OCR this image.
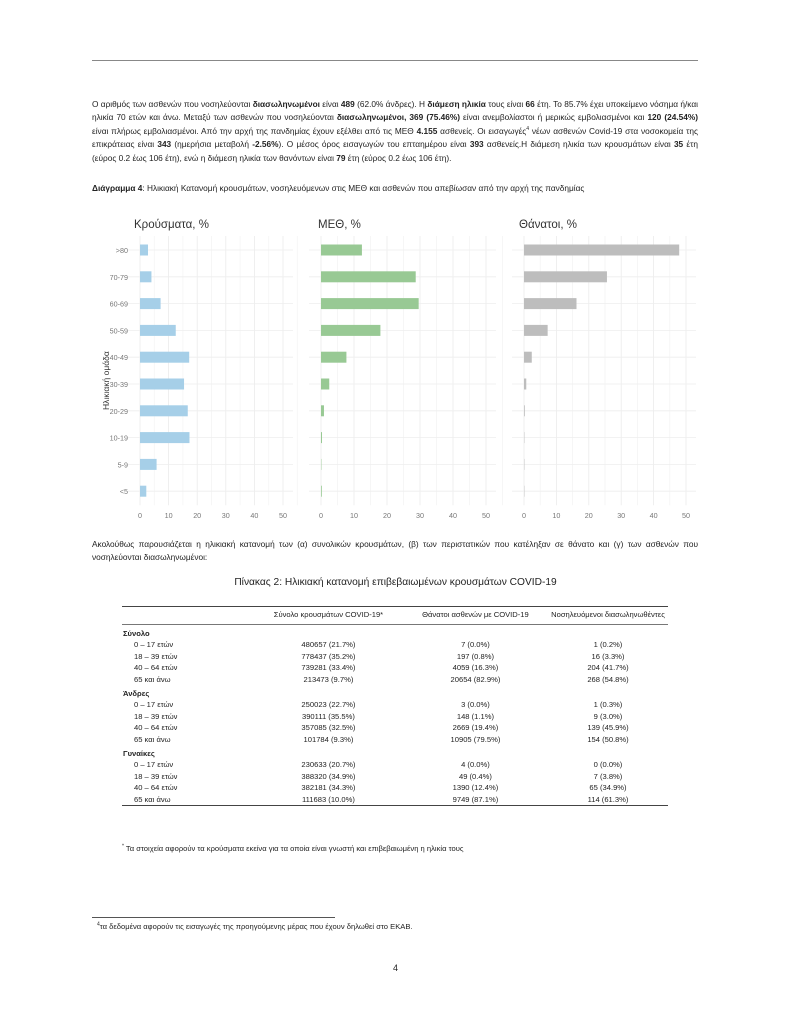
Ο αριθμός των ασθενών που νοσηλεύονται διασωληνωμένοι είναι 489 (62.0% άνδρες). Η διάμεση ηλικία τους είναι 66 έτη. Το 85.7% έχει υποκείμενο νόσημα ή/και ηλικία 70 ετών και άνω. Μεταξύ των ασθενών που νοσηλεύονται διασωληνωμένοι, 369 (75.46%) είναι ανεμβολίαστοι ή μερικώς εμβολιασμένοι και 120 (24.54%) είναι πλήρως εμβολιασμένοι. Από την αρχή της πανδημίας έχουν εξέλθει από τις ΜΕΘ 4.155 ασθενείς. Οι εισαγωγές$^4$ νέων ασθενών Covid-19 στα νοσοκομεία της επικράτειας είναι 343 (ημερήσια μεταβολή -2.56%). Ο μέσος όρος εισαγωγών του επταημέρου είναι 393 ασθενείς.Η διάμεση ηλικία των κρουσμάτων είναι 35 έτη (εύρος 0.2 έως 106 έτη), ενώ η διάμεση ηλικία των θανόντων είναι 79 έτη (εύρος 0.2 έως 106 έτη).

Διάγραμμα 4: Ηλικιακή Κατανομή κρουσμάτων, νοσηλευόμενων στις ΜΕΘ και ασθενών που απεβίωσαν από την αρχή της πανδημίας
>80
70-79
60-69
50-59
40-49
30-39
20-29
10-19
5-9
<5
Ηλικιακή ομάδα
0	10	20	30	40	50
Κρούσματα, %
0	10	20	30	40	50
ΜΕΘ, %
0	10	20	30	40	50
Θάνατοι, %

Ακολούθως παρουσιάζεται η ηλικιακή κατανομή των (α) συνολικών κρουσμάτων, (β) των περιστατικών που κατέληξαν σε θάνατο και (γ) των ασθενών που νοσηλεύονται διασωληνωμένοι:

Πίνακας 2: Ηλικιακή κατανομή επιβεβαιωμένων κρουσμάτων COVID-19
	Σύνολο κρουσμάτων COVID-19*	Θάνατοι ασθενών με COVID-19	Νοσηλευόμενοι διασωληνωθέντες
Σύνολο			
0 – 17 ετών	480657 (21.7%)	7 (0.0%)	1 (0.2%)
18 – 39 ετών	778437 (35.2%)	197 (0.8%)	16 (3.3%)
40 – 64 ετών	739281 (33.4%)	4059 (16.3%)	204 (41.7%)
65 και άνω	213473 (9.7%)	20654 (82.9%)	268 (54.8%)
Άνδρες			
0 – 17 ετών	250023 (22.7%)	3 (0.0%)	1 (0.3%)
18 – 39 ετών	390111 (35.5%)	148 (1.1%)	9 (3.0%)
40 – 64 ετών	357085 (32.5%)	2669 (19.4%)	139 (45.9%)
65 και άνω	101784 (9.3%)	10905 (79.5%)	154 (50.8%)
Γυναίκες			
0 – 17 ετών	230633 (20.7%)	4 (0.0%)	0 (0.0%)
18 – 39 ετών	388320 (34.9%)	49 (0.4%)	7 (3.8%)
40 – 64 ετών	382181 (34.3%)	1390 (12.4%)	65 (34.9%)
65 και άνω	111683 (10.0%)	9749 (87.1%)	114 (61.3%)
* Τα στοιχεία αφορούν τα κρούσματα εκείνα για τα οποία είναι γνωστή και επιβεβαιωμένη η ηλικία τους
$^4$τα δεδομένα αφορούν τις εισαγωγές της προηγούμενης μέρας που έχουν δηλωθεί στο ΕΚΑΒ.
4
